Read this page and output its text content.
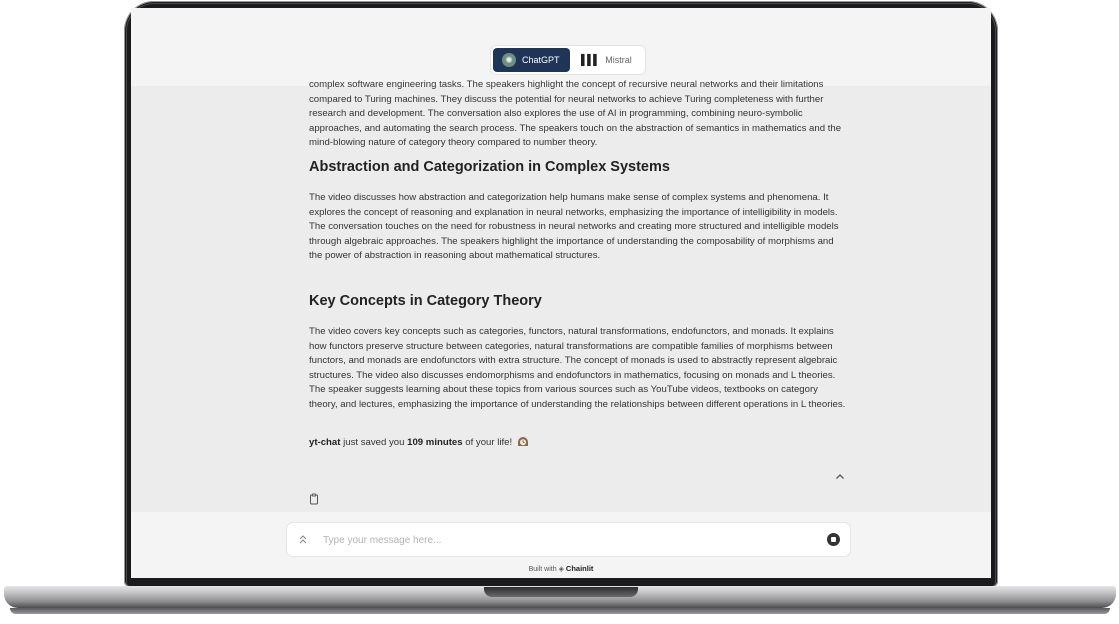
✺	ChatGPT ▌▌▌ Mistral

complex software engineering tasks. The speakers highlight the concept of recursive neural networks and their limitations compared to Turing machines. They discuss the potential for neural networks to achieve Turing completeness with further research and development. The conversation also explores the use of AI in programming, combining neuro-symbolic approaches, and automating the search process. The speakers touch on the abstraction of semantics in mathematics and the mind-blowing nature of category theory compared to number theory.

Abstraction and Categorization in Complex Systems

The video discusses how abstraction and categorization help humans make sense of complex systems and phenomena. It explores the concept of reasoning and explanation in neural networks, emphasizing the importance of intelligibility in models. The conversation touches on the need for robustness in neural networks and creating more structured and intelligible models through algebraic approaches. The speakers highlight the importance of understanding the composability of morphisms and the power of abstraction in reasoning about mathematical structures.

Key Concepts in Category Theory

The video covers key concepts such as categories, functors, natural transformations, endofunctors, and monads. It explains how functors preserve structure between categories, natural transformations are compatible families of morphisms between functors, and monads are endofunctors with extra structure. The concept of monads is used to abstractly represent algebraic structures. The video also discusses endomorphisms and endofunctors in mathematics, focusing on monads and L theories. The speaker suggests learning about these topics from various sources such as YouTube videos, textbooks on category theory, and lectures, emphasizing the importance of understanding the relationships between different operations in L theories.

yt-chat just saved you 109 minutes of your life!
Type your message here...
Built with ◈ Chainlit
